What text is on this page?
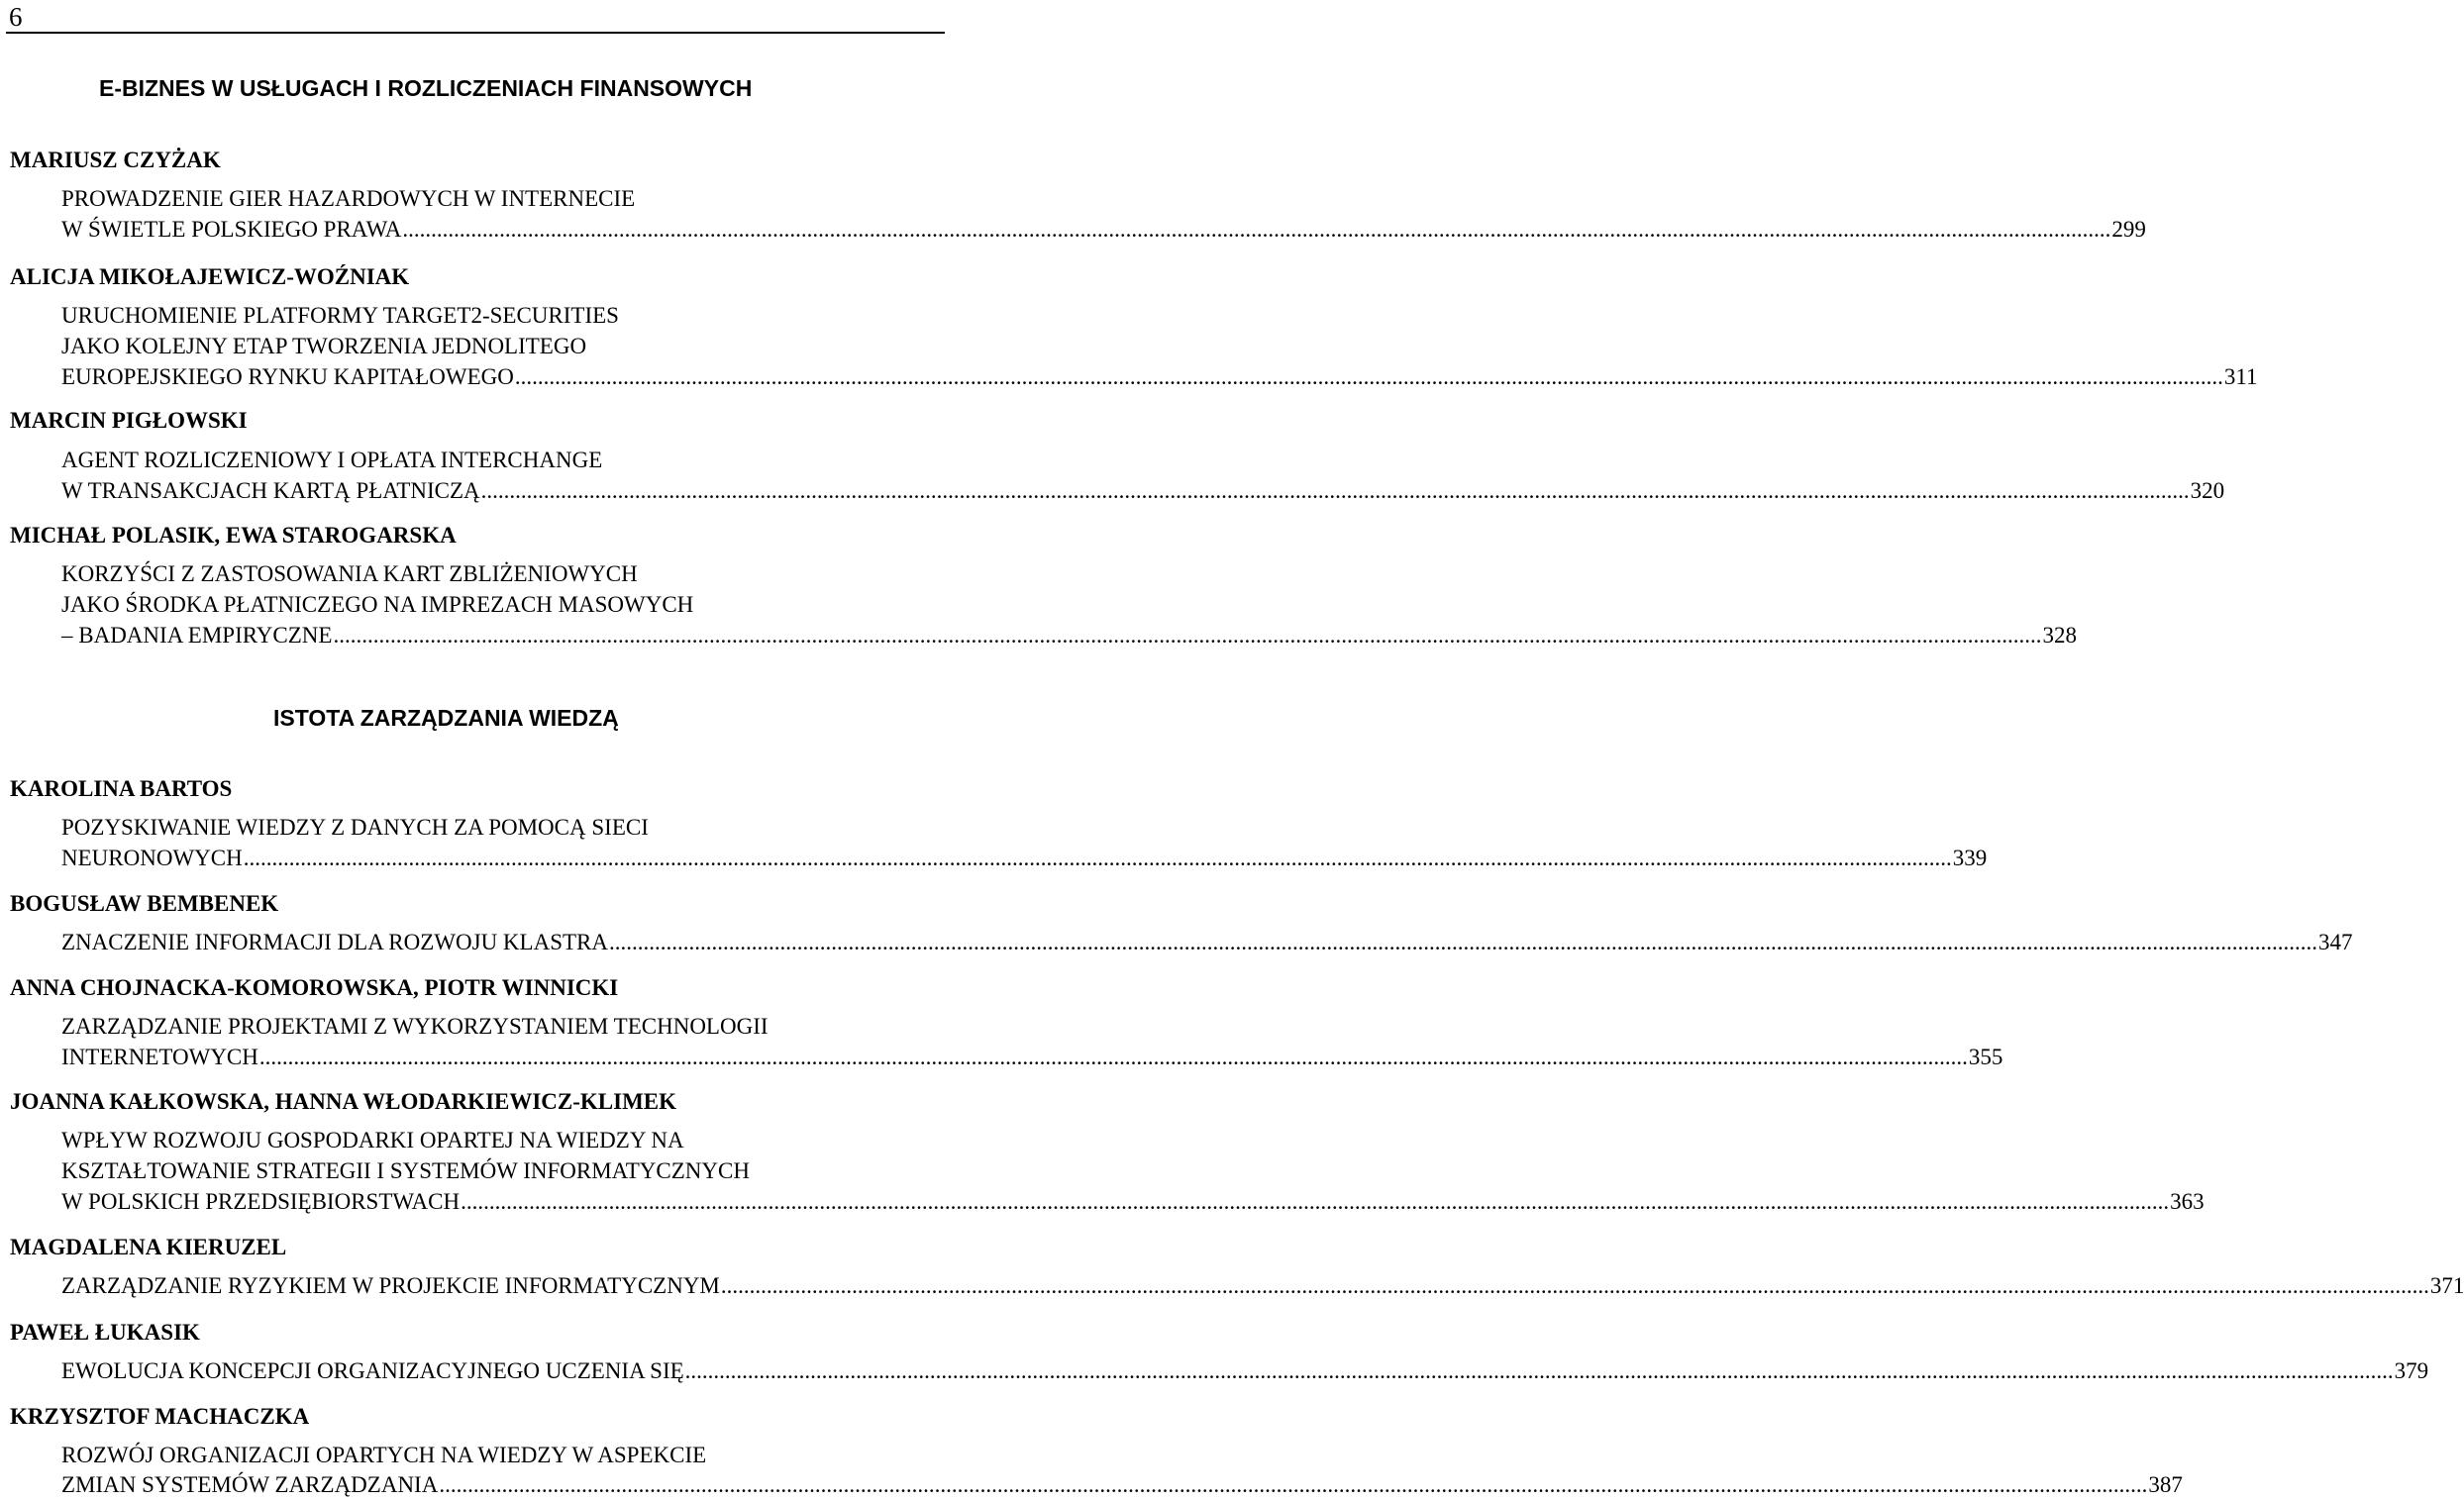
6
E-BIZNES W USŁUGACH I ROZLICZENIACH FINANSOWYCH
MARIUSZ CZYŻAK
PROWADZENIE GIER HAZARDOWYCH W INTERNECIE
W ŚWIETLE POLSKIEGO PRAWA ............................................................................................................................................................................................................................................................................................................ 299
ALICJA MIKOŁAJEWICZ-WOŹNIAK
URUCHOMIENIE PLATFORMY TARGET2-SECURITIES
JAKO KOLEJNY ETAP TWORZENIA JEDNOLITEGO
EUROPEJSKIEGO RYNKU KAPITAŁOWEGO ............................................................................................................................................................................................................................................................................................................ 311
MARCIN PIGŁOWSKI
AGENT ROZLICZENIOWY I OPŁATA INTERCHANGE
W TRANSAKCJACH KARTĄ PŁATNICZĄ ............................................................................................................................................................................................................................................................................................................ 320
MICHAŁ POLASIK, EWA STAROGARSKA
KORZYŚCI Z ZASTOSOWANIA KART ZBLIŻENIOWYCH
JAKO ŚRODKA PŁATNICZEGO NA IMPREZACH MASOWYCH
– BADANIA EMPIRYCZNE ............................................................................................................................................................................................................................................................................................................ 328
ISTOTA ZARZĄDZANIA WIEDZĄ
KAROLINA BARTOS
POZYSKIWANIE WIEDZY Z DANYCH ZA POMOCĄ SIECI
NEURONOWYCH ............................................................................................................................................................................................................................................................................................................ 339
BOGUSŁAW BEMBENEK
ZNACZENIE INFORMACJI DLA ROZWOJU KLASTRA ............................................................................................................................................................................................................................................................................................................ 347
ANNA CHOJNACKA-KOMOROWSKA, PIOTR WINNICKI
ZARZĄDZANIE PROJEKTAMI Z WYKORZYSTANIEM TECHNOLOGII
INTERNETOWYCH ............................................................................................................................................................................................................................................................................................................ 355
JOANNA KAŁKOWSKA, HANNA WŁODARKIEWICZ-KLIMEK
WPŁYW ROZWOJU GOSPODARKI OPARTEJ NA WIEDZY NA
KSZTAŁTOWANIE STRATEGII I SYSTEMÓW INFORMATYCZNYCH
W POLSKICH PRZEDSIĘBIORSTWACH ............................................................................................................................................................................................................................................................................................................ 363
MAGDALENA KIERUZEL
ZARZĄDZANIE RYZYKIEM W PROJEKCIE INFORMATYCZNYM ............................................................................................................................................................................................................................................................................................................ 371
PAWEŁ ŁUKASIK
EWOLUCJA KONCEPCJI ORGANIZACYJNEGO UCZENIA SIĘ ............................................................................................................................................................................................................................................................................................................ 379
KRZYSZTOF MACHACZKA
ROZWÓJ ORGANIZACJI OPARTYCH NA WIEDZY W ASPEKCIE
ZMIAN SYSTEMÓW ZARZĄDZANIA ............................................................................................................................................................................................................................................................................................................ 387
